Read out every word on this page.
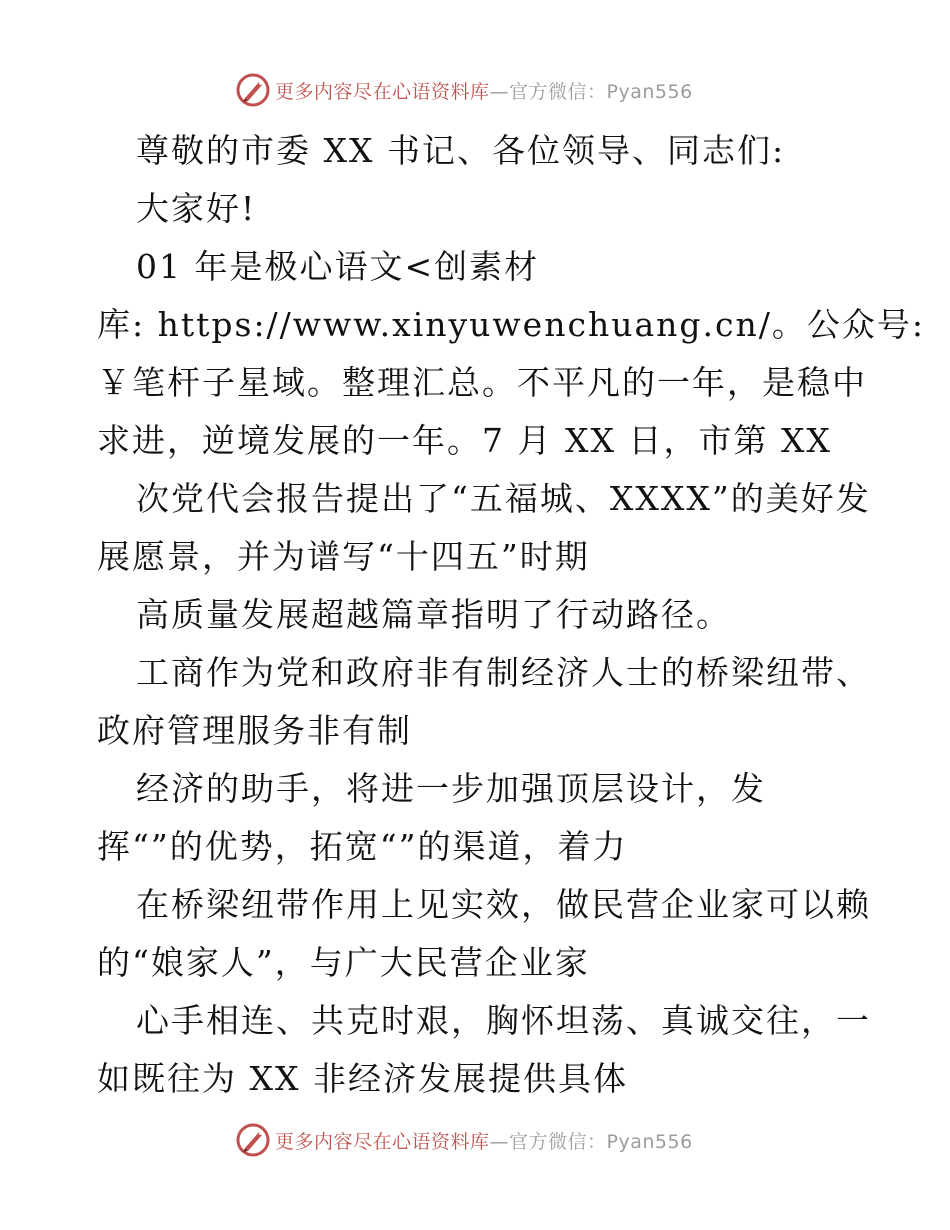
更多内容尽在心语资料库—官方微信：Pyan556
尊敬的市委 XX 书记、各位领导、同志们:
大家好!
01 年是极心语文<创素材
库: https://www.xinyuwenchuang.cn/。公众号:
￥笔杆子星域。整理汇总。不平凡的一年，是稳中
求进，逆境发展的一年。7 月 XX 日，市第 XX
次党代会报告提出了“五福城、XXXX”的美好发
展愿景，并为谱写“十四五”时期
高质量发展超越篇章指明了行动路径。
工商作为党和政府非有制经济人士的桥梁纽带、
政府管理服务非有制
经济的助手，将进一步加强顶层设计，发
挥“”的优势，拓宽“”的渠道，着力
在桥梁纽带作用上见实效，做民营企业家可以赖
的“娘家人”，与广大民营企业家
心手相连、共克时艰，胸怀坦荡、真诚交往，一
如既往为 XX 非经济发展提供具体
更多内容尽在心语资料库—官方微信：Pyan556
